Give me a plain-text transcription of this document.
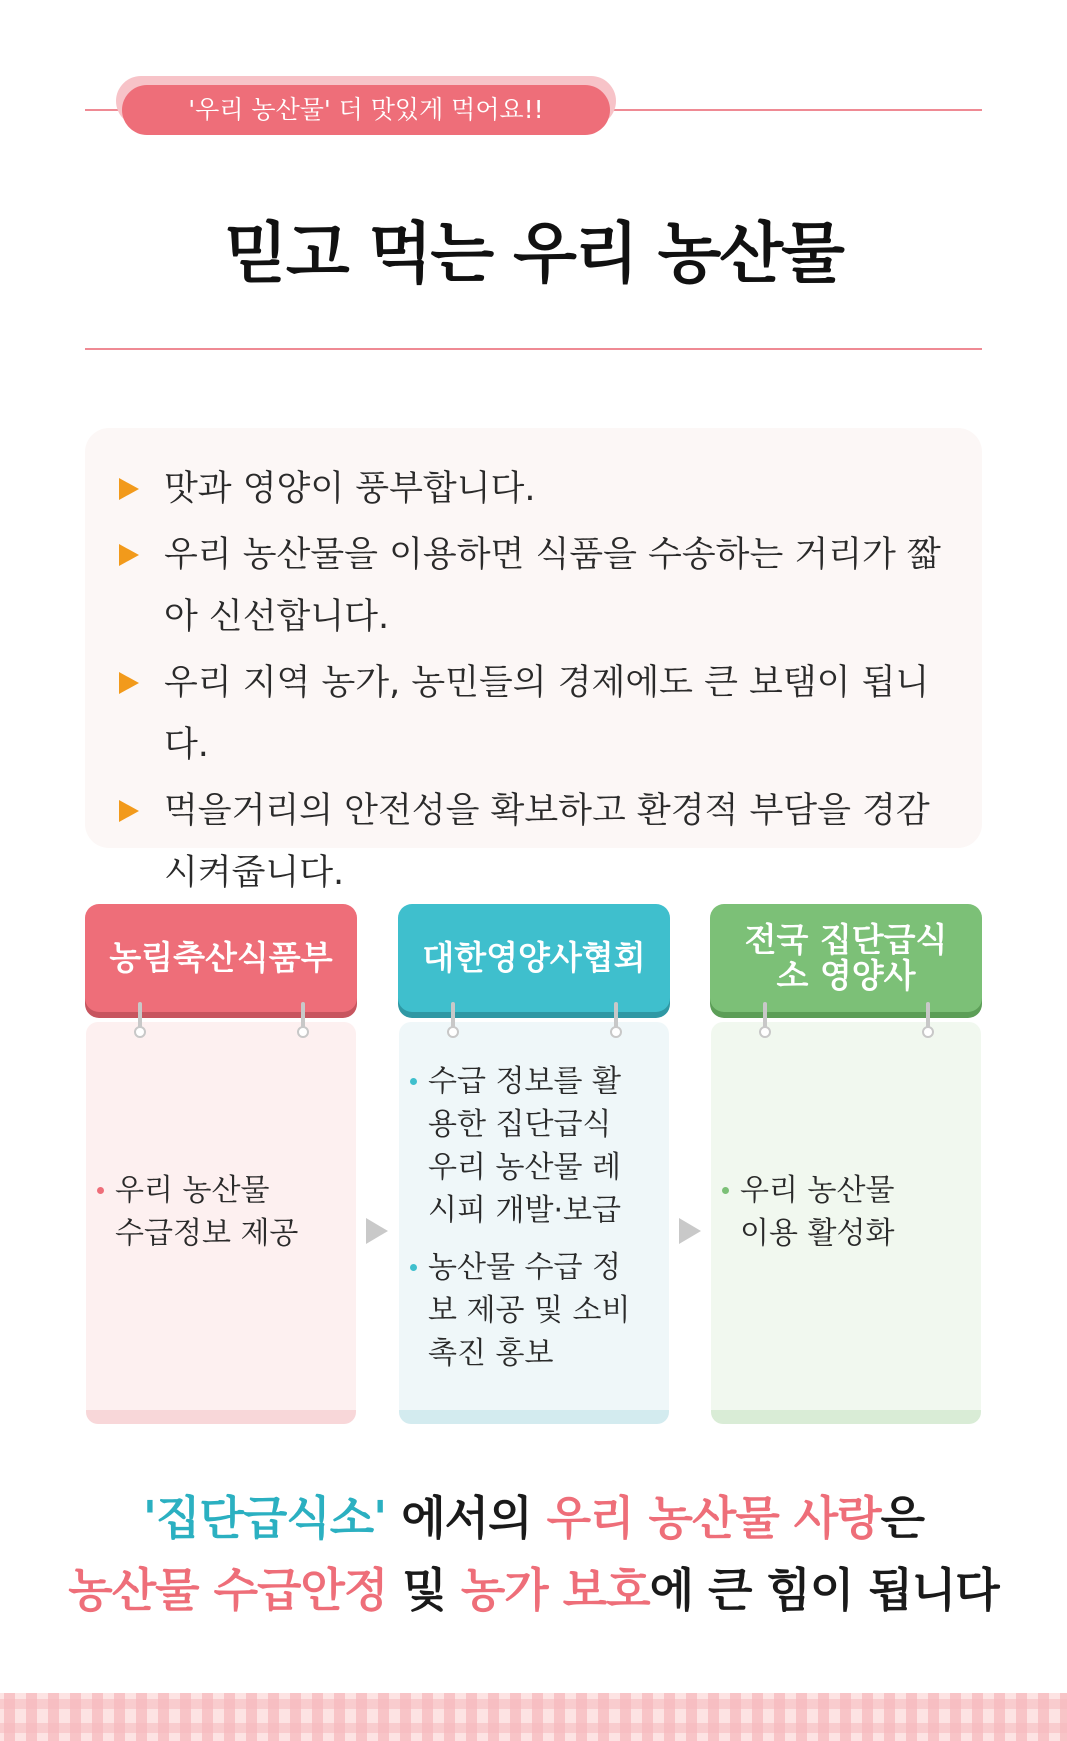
'우리 농산물' 더 맛있게 먹어요!!
믿고 먹는 우리 농산물
맛과 영양이 풍부합니다.
우리 농산물을 이용하면 식품을 수송하는 거리가 짧아 신선합니다.
우리 지역 농가, 농민들의 경제에도 큰 보탬이 됩니다.
먹을거리의 안전성을 확보하고 환경적 부담을 경감시켜줍니다.
농림축산식품부
우리 농산물 수급정보 제공
대한영양사협회
수급 정보를 활용한 집단급식 우리 농산물 레시피 개발·보급
농산물 수급 정보 제공 및 소비 촉진 홍보
전국 집단급식소 영양사
우리 농산물 이용 활성화
'집단급식소' 에서의 우리 농산물 사랑은
농산물 수급안정 및 농가 보호에 큰 힘이 됩니다
